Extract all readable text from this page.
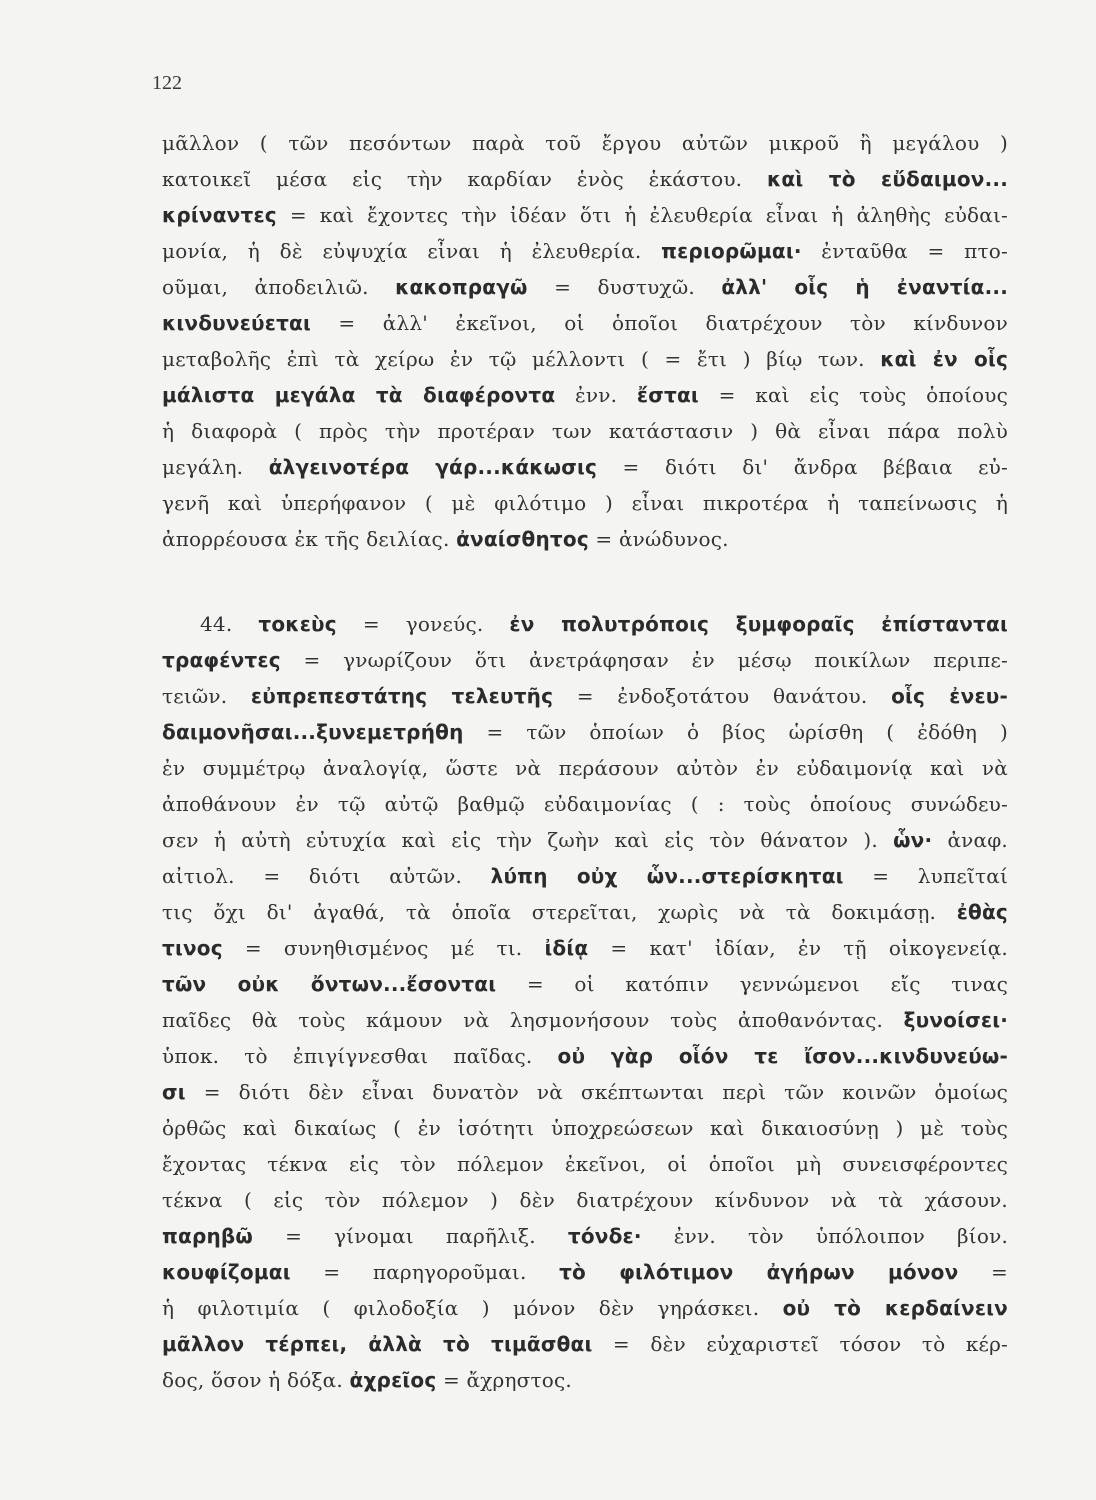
122
μᾶλλον ( τῶν πεσόντων παρὰ τοῦ ἔργου αὐτῶν μικροῦ ἢ μεγάλου )
κατοικεῖ μέσα εἰς τὴν καρδίαν ἑνὸς ἑκάστου. καὶ τὸ εὔδαιμον...
κρίναντες = καὶ ἔχοντες τὴν ἰδέαν ὅτι ἡ ἐλευθερία εἶναι ἡ ἀληθὴς εὐδαι-
μονία, ἡ δὲ εὐψυχία εἶναι ἡ ἐλευθερία. περιορῶμαι· ἐνταῦθα = πτο-
οῦμαι, ἀποδειλιῶ. κακοπραγῶ = δυστυχῶ. ἀλλ' οἷς ἡ ἐναντία...
κινδυνεύεται = ἀλλ' ἐκεῖνοι, οἱ ὁποῖοι διατρέχουν τὸν κίνδυνον
μεταβολῆς ἐπὶ τὰ χείρω ἐν τῷ μέλλοντι ( = ἔτι ) βίῳ των. καὶ ἐν οἷς
μάλιστα μεγάλα τὰ διαφέροντα ἐνν. ἔσται = καὶ εἰς τοὺς ὁποίους
ἡ διαφορὰ ( πρὸς τὴν προτέραν των κατάστασιν ) θὰ εἶναι πάρα πολὺ
μεγάλη. ἀλγεινοτέρα γάρ...κάκωσις = διότι δι' ἄνδρα βέβαια εὐ-
γενῆ καὶ ὑπερήφανον ( μὲ φιλότιμο ) εἶναι πικροτέρα ἡ ταπείνωσις ἡ
ἀπορρέουσα ἐκ τῆς δειλίας. ἀναίσθητος = ἀνώδυνος.
44. τοκεὺς = γονεύς. ἐν πολυτρόποις ξυμφοραῖς ἐπίστανται
τραφέντες = γνωρίζουν ὅτι ἀνετράφησαν ἐν μέσῳ ποικίλων περιπε-
τειῶν. εὐπρεπεστάτης τελευτῆς = ἐνδοξοτάτου θανάτου. οἷς ἐνευ-
δαιμονῆσαι...ξυνεμετρήθη = τῶν ὁποίων ὁ βίος ὡρίσθη ( ἐδόθη )
ἐν συμμέτρῳ ἀναλογίᾳ, ὥστε νὰ περάσουν αὐτὸν ἐν εὐδαιμονίᾳ καὶ νὰ
ἀποθάνουν ἐν τῷ αὐτῷ βαθμῷ εὐδαιμονίας ( : τοὺς ὁποίους συνώδευ-
σεν ἡ αὐτὴ εὐτυχία καὶ εἰς τὴν ζωὴν καὶ εἰς τὸν θάνατον ). ὧν· ἀναφ.
αἰτιολ. = διότι αὐτῶν. λύπη οὐχ ὧν...στερίσκηται = λυπεῖταί
τις ὄχι δι' ἀγαθά, τὰ ὁποῖα στερεῖται, χωρὶς νὰ τὰ δοκιμάσῃ. ἐθὰς
τινος = συνηθισμένος μέ τι. ἰδίᾳ = κατ' ἰδίαν, ἐν τῇ οἰκογενείᾳ.
τῶν οὐκ ὄντων...ἔσονται = οἱ κατόπιν γεννώμενοι εἴς τινας
παῖδες θὰ τοὺς κάμουν νὰ λησμονήσουν τοὺς ἀποθανόντας. ξυνοίσει·
ὑποκ. τὸ ἐπιγίγνεσθαι παῖδας. οὐ γὰρ οἷόν τε ἴσον...κινδυνεύω-
σι = διότι δὲν εἶναι δυνατὸν νὰ σκέπτωνται περὶ τῶν κοινῶν ὁμοίως
ὀρθῶς καὶ δικαίως ( ἐν ἰσότητι ὑποχρεώσεων καὶ δικαιοσύνῃ ) μὲ τοὺς
ἔχοντας τέκνα εἰς τὸν πόλεμον ἐκεῖνοι, οἱ ὁποῖοι μὴ συνεισφέροντες
τέκνα ( εἰς τὸν πόλεμον ) δὲν διατρέχουν κίνδυνον νὰ τὰ χάσουν.
παρηβῶ = γίνομαι παρῆλιξ. τόνδε· ἐνν. τὸν ὑπόλοιπον βίον.
κουφίζομαι = παρηγοροῦμαι. τὸ φιλότιμον ἀγήρων μόνον =
ἡ φιλοτιμία ( φιλοδοξία ) μόνον δὲν γηράσκει. οὐ τὸ κερδαίνειν
μᾶλλον τέρπει, ἀλλὰ τὸ τιμᾶσθαι = δὲν εὐχαριστεῖ τόσον τὸ κέρ-
δος, ὅσον ἡ δόξα. ἀχρεῖος = ἄχρηστος.
